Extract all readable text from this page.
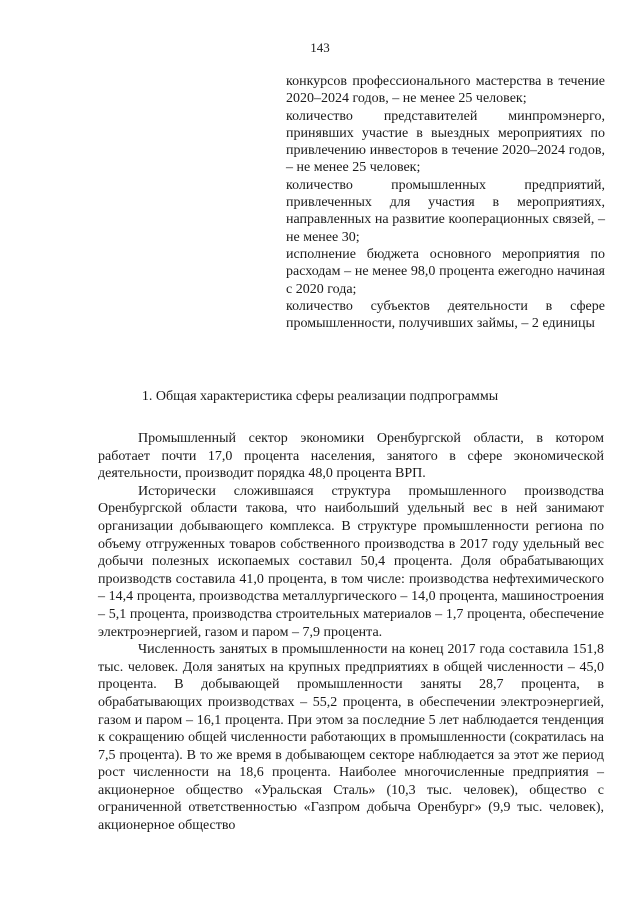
143

конкурсов профессионального мастерства в течение 2020–2024 годов, – не менее 25 человек;

количество представителей минпромэнерго, принявших участие в выездных мероприятиях по привлечению инвесторов в течение 2020–2024 годов, – не менее 25 человек;

количество промышленных предприятий, привлеченных для участия в мероприятиях, направленных на развитие кооперационных связей, – не менее 30;

исполнение бюджета основного мероприятия по расходам – не менее 98,0 процента ежегодно начиная с 2020 года;

количество субъектов деятельности в сфере промышленности, получивших займы, – 2 единицы

1. Общая характеристика сферы реализации подпрограммы

Промышленный сектор экономики Оренбургской области, в котором работает почти 17,0 процента населения, занятого в сфере экономической деятельности, производит порядка 48,0 процента ВРП.

Исторически сложившаяся структура промышленного производства Оренбургской области такова, что наибольший удельный вес в ней занимают организации добывающего комплекса. В структуре промышленности региона по объему отгруженных товаров собственного производства в 2017 году удельный вес добычи полезных ископаемых составил 50,4 процента. Доля обрабатывающих производств составила 41,0 процента, в том числе: производства нефтехимического – 14,4 процента, производства металлургического – 14,0 процента, машиностроения – 5,1 процента, производства строительных материалов – 1,7 процента, обеспечение электроэнергией, газом и паром – 7,9 процента.

Численность занятых в промышленности на конец 2017 года составила 151,8 тыс. человек. Доля занятых на крупных предприятиях в общей численности – 45,0 процента. В добывающей промышленности заняты 28,7 процента, в обрабатывающих производствах – 55,2 процента, в обеспечении электроэнергией, газом и паром – 16,1 процента. При этом за последние 5 лет наблюдается тенденция к сокращению общей численности работающих в промышленности (сократилась на 7,5 процента). В то же время в добывающем секторе наблюдается за этот же период рост численности на 18,6 процента. Наиболее многочисленные предприятия – акционерное общество «Уральская Сталь» (10,3 тыс. человек), общество с ограниченной ответственностью «Газпром добыча Оренбург» (9,9 тыс. человек), акционерное общество
